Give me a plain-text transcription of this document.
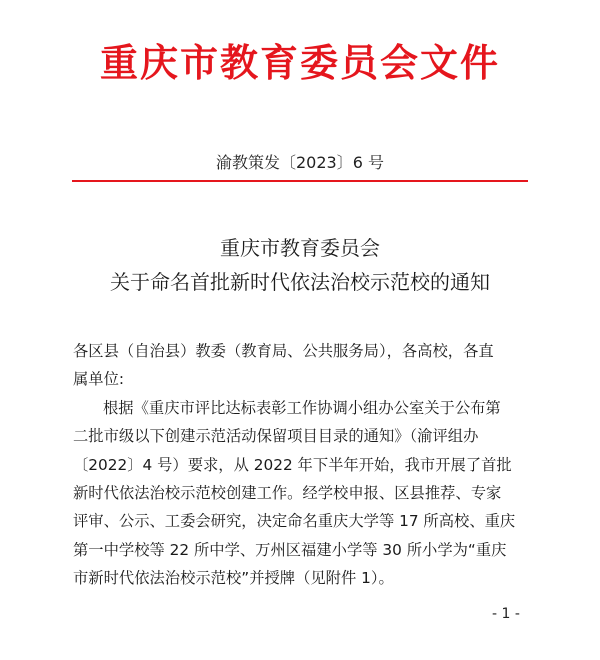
重庆市教育委员会文件
渝教策发〔2023〕6 号
重庆市教育委员会
关于命名首批新时代依法治校示范校的通知
各区县（自治县）教委（教育局、公共服务局），各高校，各直
属单位:
根据《重庆市评比达标表彰工作协调小组办公室关于公布第
二批市级以下创建示范活动保留项目目录的通知》（渝评组办
〔2022〕4 号）要求，从 2022 年下半年开始，我市开展了首批
新时代依法治校示范校创建工作。经学校申报、区县推荐、专家
评审、公示、工委会研究，决定命名重庆大学等 17 所高校、重庆
第一中学校等 22 所中学、万州区福建小学等 30 所小学为“重庆
市新时代依法治校示范校”并授牌（见附件 1）。
- 1 -
